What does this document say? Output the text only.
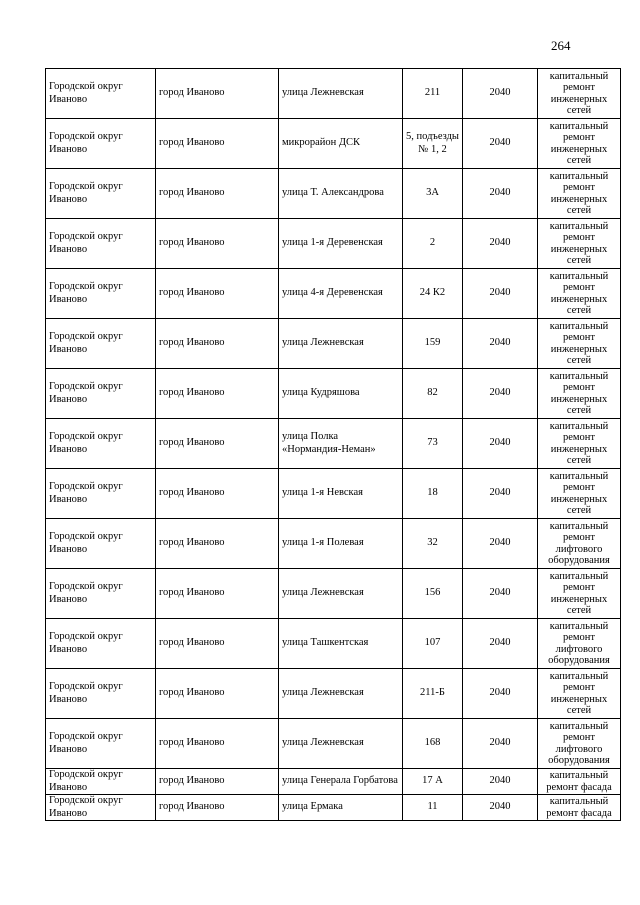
264
Городской округ Иваново	город Иваново	улица Лежневская	211	2040	капитальный ремонт инженерных сетей
Городской округ Иваново	город Иваново	микрорайон ДСК	5, подъезды № 1, 2	2040	капитальный ремонт инженерных сетей
Городской округ Иваново	город Иваново	улица Т. Александрова	3А	2040	капитальный ремонт инженерных сетей
Городской округ Иваново	город Иваново	улица 1-я Деревенская	2	2040	капитальный ремонт инженерных сетей
Городской округ Иваново	город Иваново	улица 4-я Деревенская	24 К2	2040	капитальный ремонт инженерных сетей
Городской округ Иваново	город Иваново	улица Лежневская	159	2040	капитальный ремонт инженерных сетей
Городской округ Иваново	город Иваново	улица Кудряшова	82	2040	капитальный ремонт инженерных сетей
Городской округ Иваново	город Иваново	улица Полка «Нормандия-Неман»	73	2040	капитальный ремонт инженерных сетей
Городской округ Иваново	город Иваново	улица 1-я Невская	18	2040	капитальный ремонт инженерных сетей
Городской округ Иваново	город Иваново	улица 1-я Полевая	32	2040	капитальный ремонт лифтового оборудования
Городской округ Иваново	город Иваново	улица Лежневская	156	2040	капитальный ремонт инженерных сетей
Городской округ Иваново	город Иваново	улица Ташкентская	107	2040	капитальный ремонт лифтового оборудования
Городской округ Иваново	город Иваново	улица Лежневская	211-Б	2040	капитальный ремонт инженерных сетей
Городской округ Иваново	город Иваново	улица Лежневская	168	2040	капитальный ремонт лифтового оборудования
Городской округ Иваново	город Иваново	улица Генерала Горбатова	17 А	2040	капитальный ремонт фасада
Городской округ Иваново	город Иваново	улица Ермака	11	2040	капитальный ремонт фасада
